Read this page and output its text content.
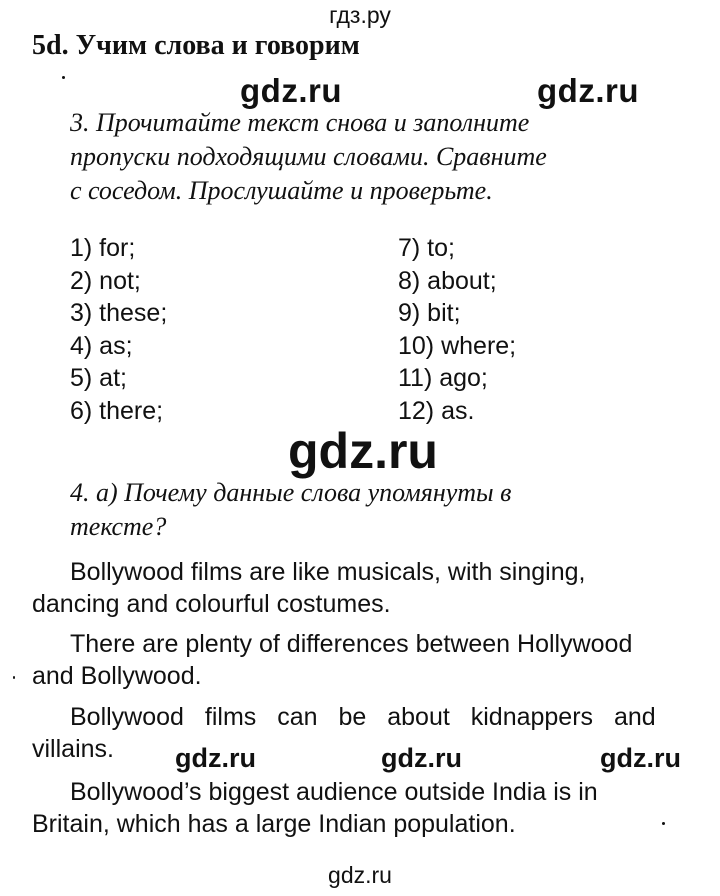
гдз.ру
5d. Учим слова и говорим
gdz.ru	gdz.ru
3. Прочитайте текст снова и заполните
пропуски подходящими словами. Сравните
с соседом. Прослушайте и проверьте.
1) for;
2) not;
3) these;
4) as;
5) at;
6) there;
7) to;
8) about;
9) bit;
10) where;
11) ago;
12) as.
gdz.ru
4. а) Почему данные слова упомянуты в
тексте?
Bollywood films are like musicals, with singing,
dancing and colourful costumes.
There are plenty of differences between Hollywood
and Bollywood.
Bollywood films can be about kidnappers and
villains.	gdz.ru	gdz.ru	gdz.ru
Bollywood’s biggest audience outside India is in
Britain, which has a large Indian population.
gdz.ru
